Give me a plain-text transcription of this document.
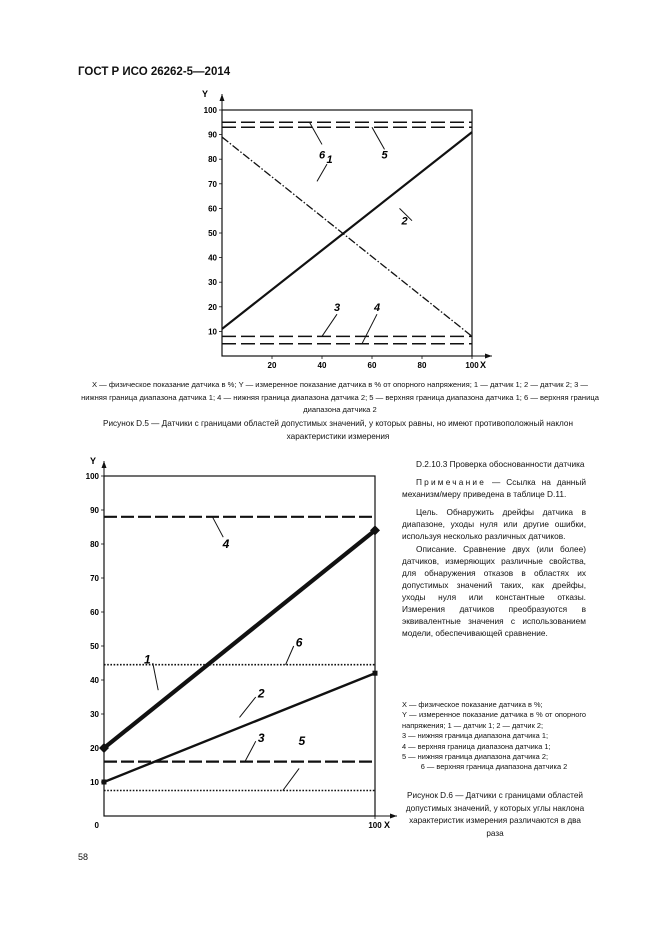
ГОСТ Р ИСО 26262-5—2014
Y
10
20
30
40
50
60
70
80
90
100
20	40	60	80	100 X
1
2
3	4
5
6
Y
10
20
30
40
50
60
70
80
90
100
100
0	X
1
2
3
4
5
6
X — физическое показание датчика в %; Y — измеренное показание датчика в % от опорного напряжения; 1 — датчик 1; 2 — датчик 2; 3 — нижняя граница диапазона датчика 1; 4 — нижняя граница диапазона датчика 2; 5 — верхняя граница диапазона датчика 1; 6 — верхняя граница диапазона датчика 2
Рисунок D.5 — Датчики с границами областей допустимых значений, у которых равны, но имеют противоположный наклон характеристики измерения
D.2.10.3 Проверка обоснованности датчика
Примечание — Ссылка на данный механизм/меру приведена в таблице D.11.
Цель. Обнаружить дрейфы датчика в диапазоне, уходы нуля или другие ошибки, используя несколько различных датчиков.
Описание. Сравнение двух (или более) датчиков, измеряющих различные свойства, для обнаружения отказов в областях их допустимых значений таких, как дрейфы, уходы нуля или константные отказы. Измерения датчиков преобразуются в эквивалентные значения с использованием модели, обеспечивающей сравнение.
X — физическое показание датчика в %;
Y — измеренное показание датчика в % от опорного напряжения; 1 — датчик 1; 2 — датчик 2;
3 — нижняя граница диапазона датчика 1;
4 — верхняя граница диапазона датчика 1;
5 — нижняя граница диапазона датчика 2;
6 — верхняя граница диапазона датчика 2
Рисунок D.6 — Датчики с границами областей допустимых значений, у которых углы наклона характеристик измерения различаются в два раза
58
